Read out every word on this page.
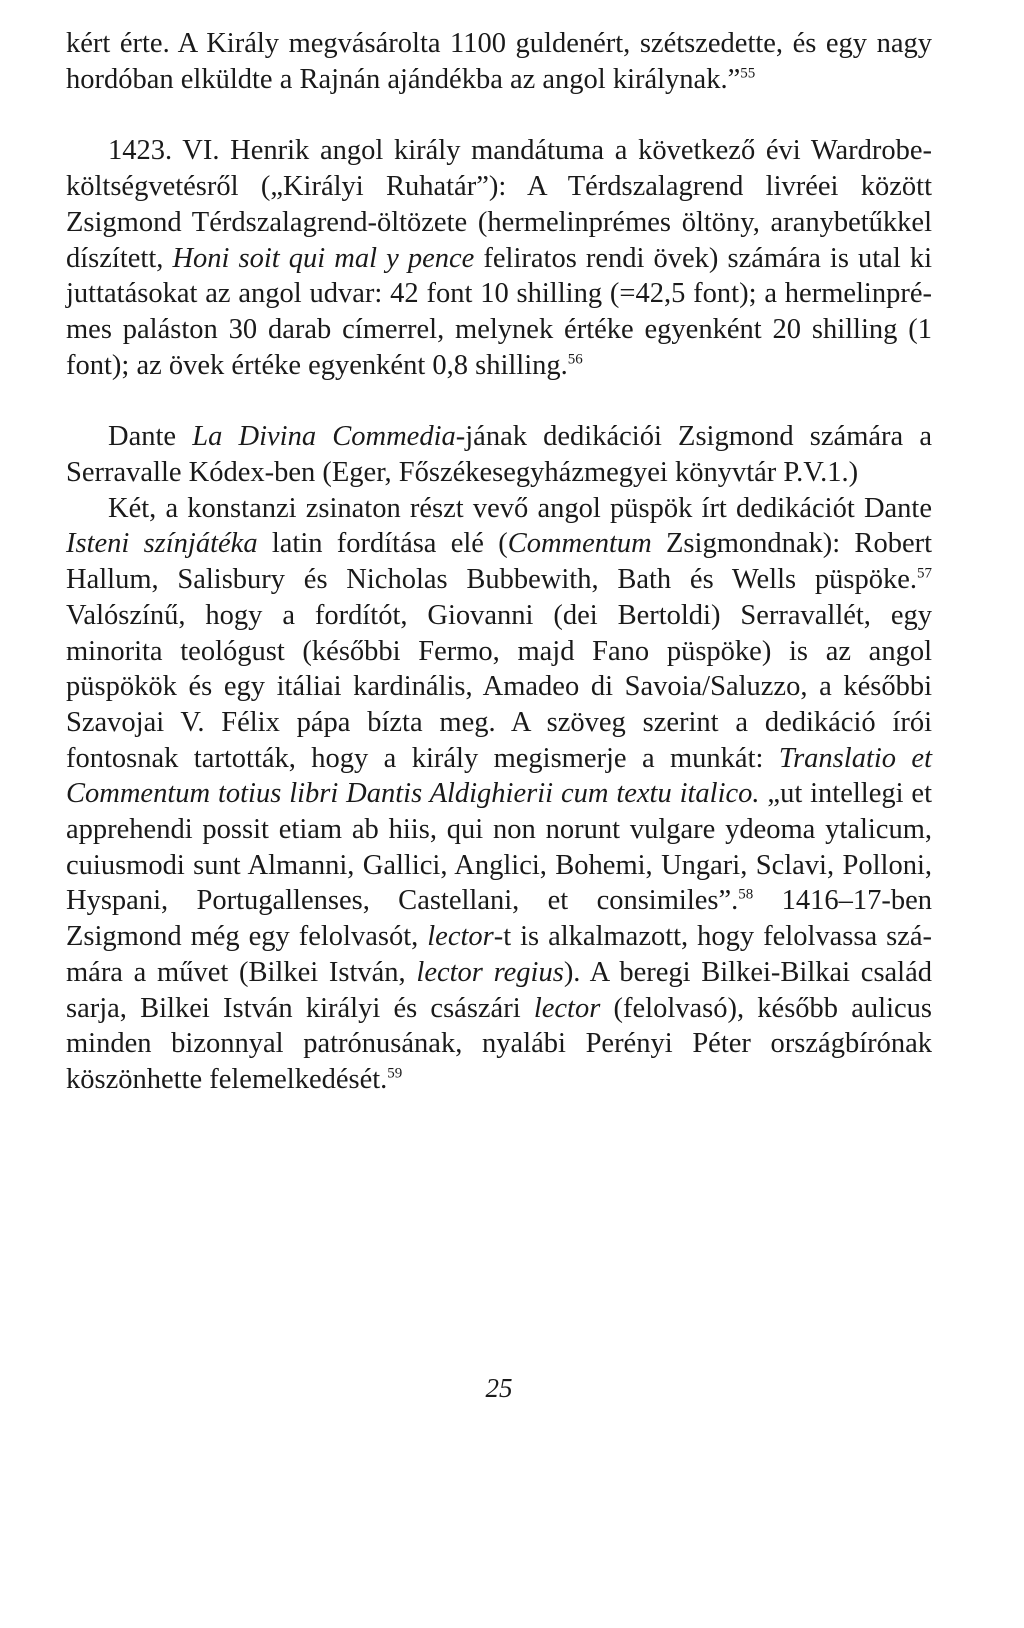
kért érte. A Király megvásárolta 1100 guldenért, szétszedette, és egy nagy hordóban elküldte a Rajnán ajándékba az angol királynak.”$^{55}$

1423. VI. Henrik angol király mandátuma a következő évi Wardrobe-költségvetésről („Királyi Ruhatár”): A Térdszalagrend livréei között Zsigmond Térdszalagrend-öltözete (hermelinprémes öltöny, aranybetűkkel díszített, Honi soit qui mal y pence feliratos rendi övek) számára is utal ki juttatásokat az angol udvar: 42 font 10 shilling (=42,5 font); a hermelinprémes paláston 30 darab címerrel, melynek értéke egyenként 20 shilling (1 font); az övek értéke egyenként 0,8 shilling.$^{56}$

Dante La Divina Commedia-jának dedikációi Zsigmond számára a Serravalle Kódex-ben (Eger, Főszékesegyházmegyei könyvtár P.V.1.)

Két, a konstanzi zsinaton részt vevő angol püspök írt dedikációt Dante Isteni színjátéka latin fordítása elé (Commentum Zsigmondnak): Robert Hallum, Salisbury és Nicholas Bubbewith, Bath és Wells püspöke.$^{57}$ Valószínű, hogy a fordítót, Giovanni (dei Bertoldi) Serravallét, egy minorita teológust (későbbi Fermo, majd Fano püspöke) is az angol püspökök és egy itáliai kardinális, Amadeo di Savoia/Saluzzo, a későbbi Szavojai V. Félix pápa bízta meg. A szöveg szerint a dedikáció írói fontosnak tartották, hogy a király megismerje a munkát: Translatio et Commentum totius libri Dantis Aldighierii cum textu italico. „ut intellegi et apprehendi possit etiam ab hiis, qui non norunt vulgare ydeoma ytalicum, cuiusmodi sunt Almanni, Gallici, Anglici, Bohemi, Ungari, Sclavi, Polloni, Hyspani, Portugallenses, Castellani, et consimiles”.$^{58}$ 1416–17-ben Zsigmond még egy felolvasót, lector-t is alkalmazott, hogy felolvassa számára a művet (Bilkei István, lector regius). A beregi Bilkei-Bilkai család sarja, Bilkei István királyi és császári lector (felolvasó), később aulicus minden bizonnyal patrónusának, nyalábi Perényi Péter országbírónak köszönhette felemelkedését.$^{59}$

25
